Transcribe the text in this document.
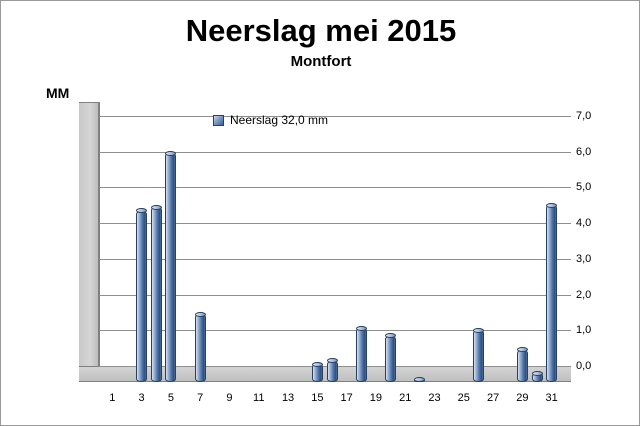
Neerslag mei 2015
Montfort
MM
0,0
1,0
2,0
3,0
4,0
5,0
6,0
7,0
1	3	5	7	9	11 13 15 17 19 21 23 25 27 29 31
Neerslag 32,0 mm
